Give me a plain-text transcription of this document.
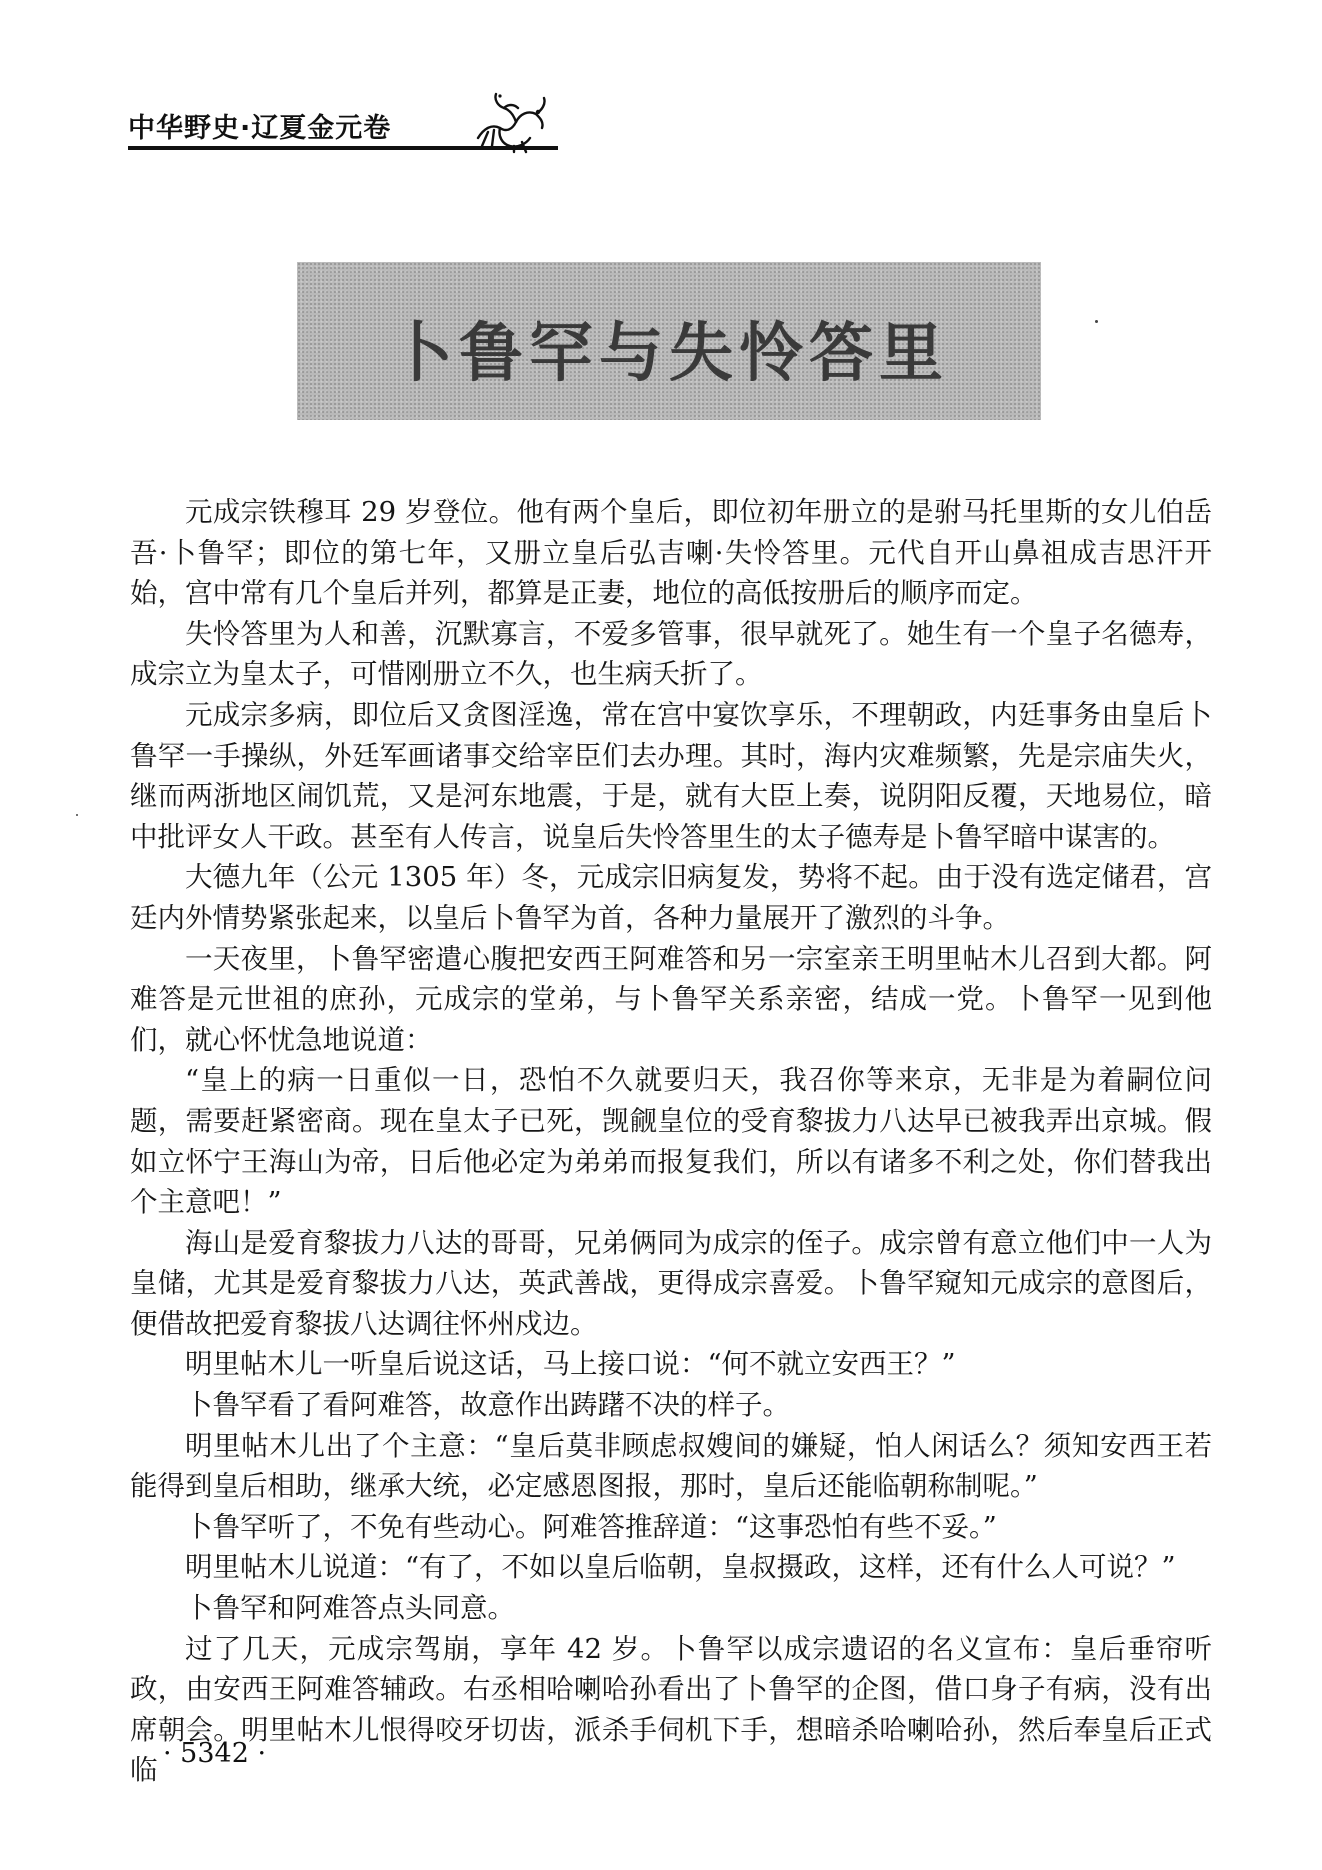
中华野史·辽夏金元卷
卜鲁罕与失怜答里

元成宗铁穆耳 29 岁登位。他有两个皇后，即位初年册立的是驸马托里斯的女儿伯岳吾·卜鲁罕；即位的第七年，又册立皇后弘吉喇·失怜答里。元代自开山鼻祖成吉思汗开始，宫中常有几个皇后并列，都算是正妻，地位的高低按册后的顺序而定。

失怜答里为人和善，沉默寡言，不爱多管事，很早就死了。她生有一个皇子名德寿，成宗立为皇太子，可惜刚册立不久，也生病夭折了。

元成宗多病，即位后又贪图淫逸，常在宫中宴饮享乐，不理朝政，内廷事务由皇后卜鲁罕一手操纵，外廷军画诸事交给宰臣们去办理。其时，海内灾难频繁，先是宗庙失火，继而两浙地区闹饥荒，又是河东地震，于是，就有大臣上奏，说阴阳反覆，天地易位，暗中批评女人干政。甚至有人传言，说皇后失怜答里生的太子德寿是卜鲁罕暗中谋害的。

大德九年（公元 1305 年）冬，元成宗旧病复发，势将不起。由于没有选定储君，宫廷内外情势紧张起来，以皇后卜鲁罕为首，各种力量展开了激烈的斗争。

一天夜里，卜鲁罕密遣心腹把安西王阿难答和另一宗室亲王明里帖木儿召到大都。阿难答是元世祖的庶孙，元成宗的堂弟，与卜鲁罕关系亲密，结成一党。卜鲁罕一见到他们，就心怀忧急地说道：

“皇上的病一日重似一日，恐怕不久就要归天，我召你等来京，无非是为着嗣位问题，需要赶紧密商。现在皇太子已死，觊觎皇位的受育黎拔力八达早已被我弄出京城。假如立怀宁王海山为帝，日后他必定为弟弟而报复我们，所以有诸多不利之处，你们替我出个主意吧！”

海山是爱育黎拔力八达的哥哥，兄弟俩同为成宗的侄子。成宗曾有意立他们中一人为皇储，尤其是爱育黎拔力八达，英武善战，更得成宗喜爱。卜鲁罕窥知元成宗的意图后，便借故把爱育黎拔八达调往怀州戍边。

明里帖木儿一听皇后说这话，马上接口说：“何不就立安西王？”

卜鲁罕看了看阿难答，故意作出踌躇不决的样子。

明里帖木儿出了个主意：“皇后莫非顾虑叔嫂间的嫌疑，怕人闲话么？须知安西王若能得到皇后相助，继承大统，必定感恩图报，那时，皇后还能临朝称制呢。”

卜鲁罕听了，不免有些动心。阿难答推辞道：“这事恐怕有些不妥。”

明里帖木儿说道：“有了，不如以皇后临朝，皇叔摄政，这样，还有什么人可说？”

卜鲁罕和阿难答点头同意。

过了几天，元成宗驾崩，享年 42 岁。卜鲁罕以成宗遗诏的名义宣布：皇后垂帘听政，由安西王阿难答辅政。右丞相哈喇哈孙看出了卜鲁罕的企图，借口身子有病，没有出席朝会。明里帖木儿恨得咬牙切齿，派杀手伺机下手，想暗杀哈喇哈孙，然后奉皇后正式临

· 5342 ·
